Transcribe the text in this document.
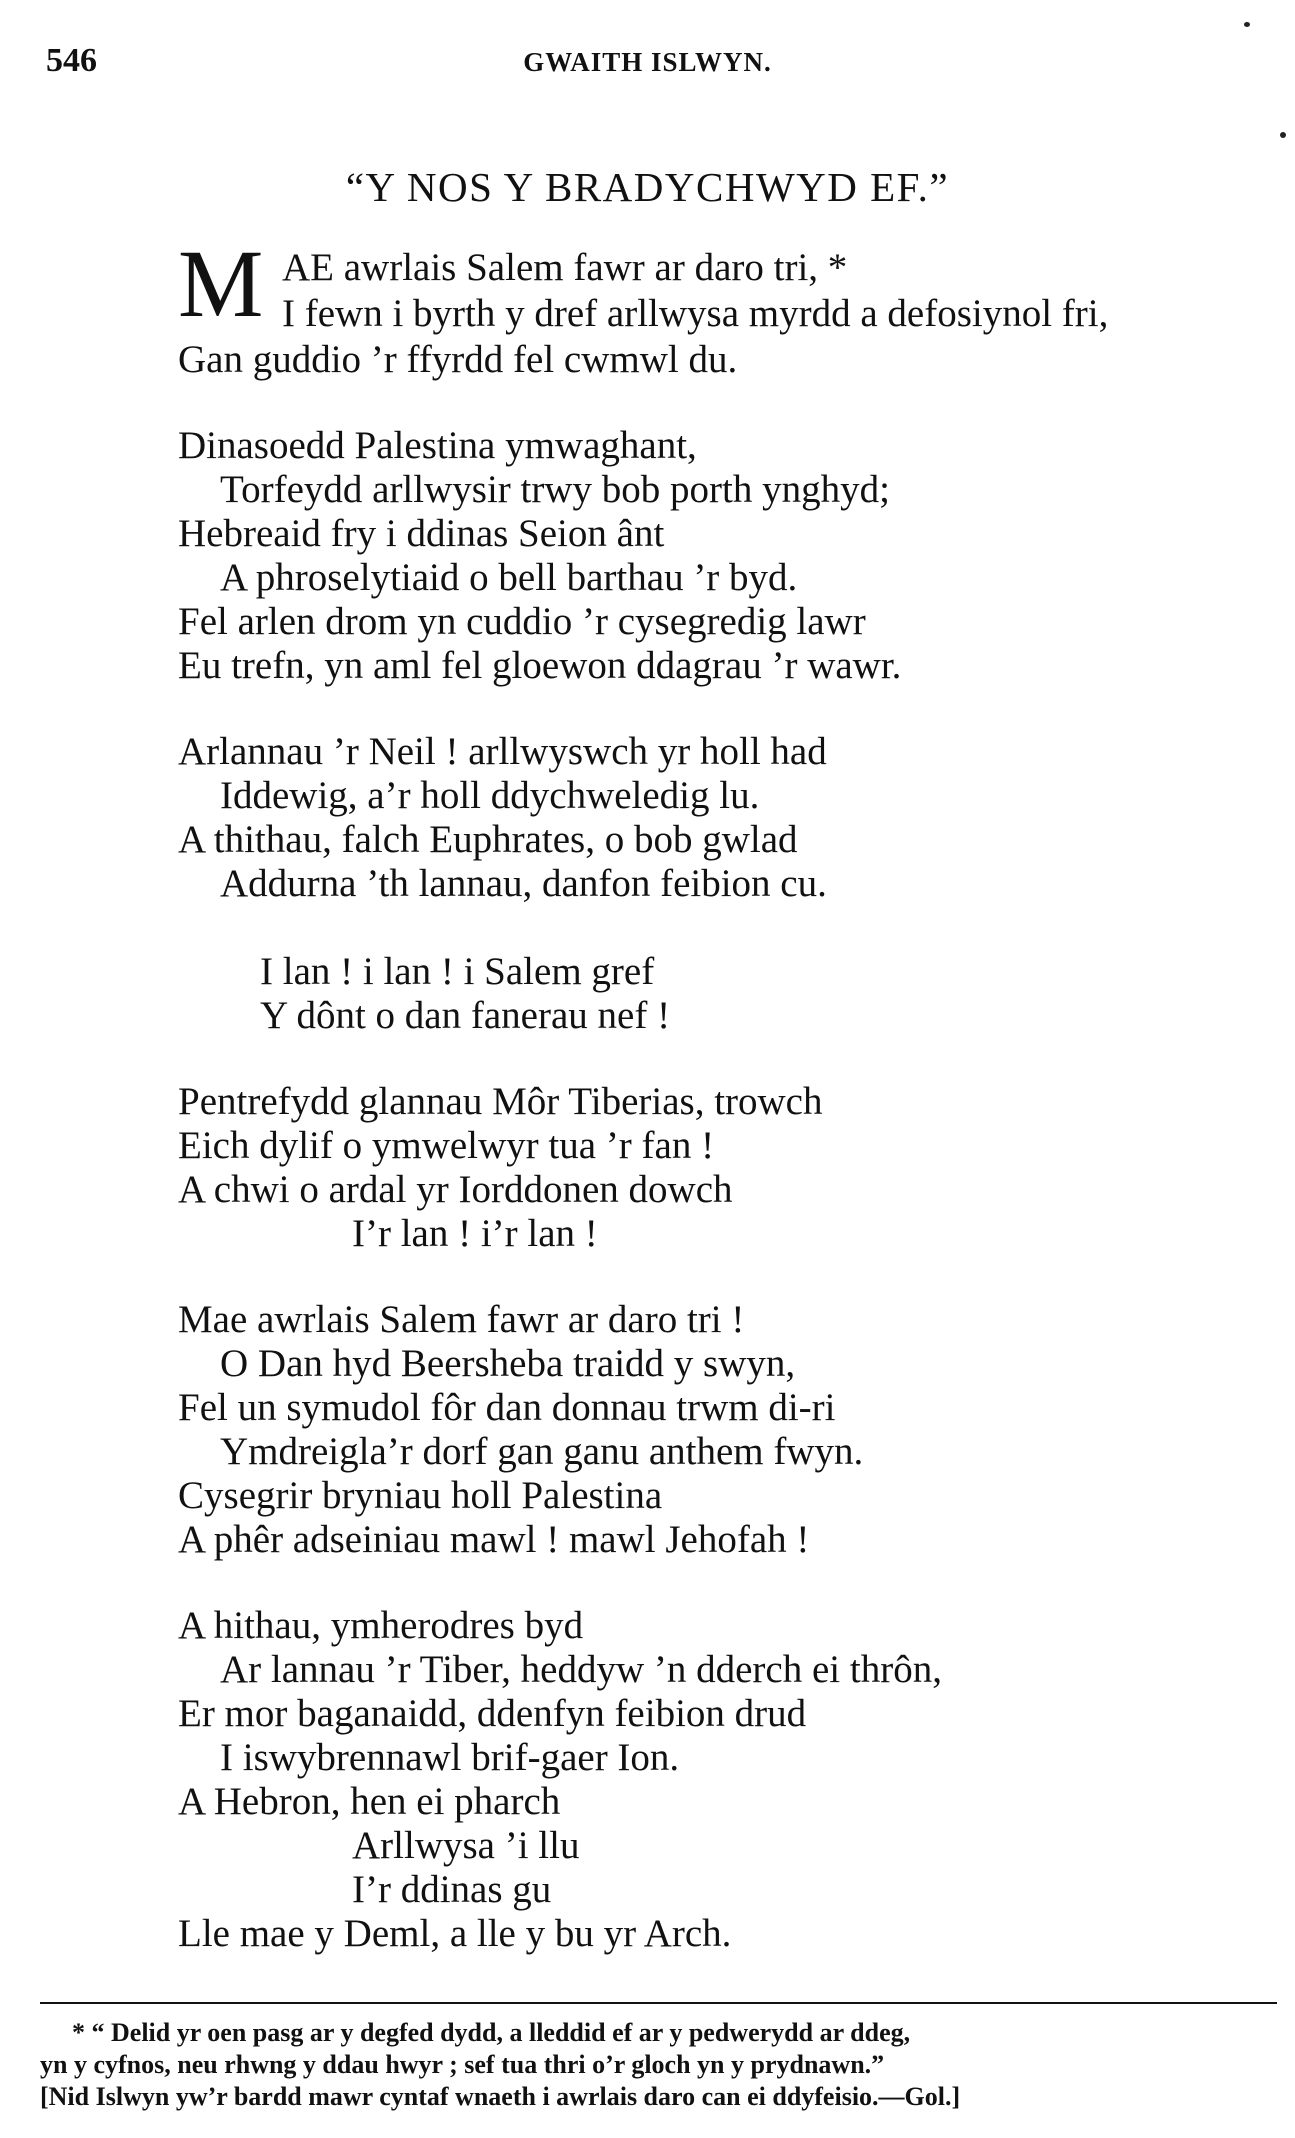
546	GWAITH ISLWYN.
“Y NOS Y BRADYCHWYD EF.”
M AE awrlais Salem fawr ar daro tri, *
I fewn i byrth y dref arllwysa myrdd a defosiynol fri,
Gan guddio ’r ffyrdd fel cwmwl du.
Dinasoedd Palestina ymwaghant,
Torfeydd arllwysir trwy bob porth ynghyd;
Hebreaid fry i ddinas Seion ânt
A phroselytiaid o bell barthau ’r byd.
Fel arlen drom yn cuddio ’r cysegredig lawr
Eu trefn, yn aml fel gloewon ddagrau ’r wawr.
Arlannau ’r Neil ! arllwyswch yr holl had
Iddewig, a’r holl ddychweledig lu.
A thithau, falch Euphrates, o bob gwlad
Addurna ’th lannau, danfon feibion cu.
I lan ! i lan ! i Salem gref
Y dônt o dan fanerau nef !
Pentrefydd glannau Môr Tiberias, trowch
Eich dylif o ymwelwyr tua ’r fan !
A chwi o ardal yr Iorddonen dowch
I’r lan ! i’r lan !
Mae awrlais Salem fawr ar daro tri !
O Dan hyd Beersheba traidd y swyn,
Fel un symudol fôr dan donnau trwm di-ri
Ymdreigla’r dorf gan ganu anthem fwyn.
Cysegrir bryniau holl Palestina
A phêr adseiniau mawl ! mawl Jehofah !
A hithau, ymherodres byd
Ar lannau ’r Tiber, heddyw ’n dderch ei thrôn,
Er mor baganaidd, ddenfyn feibion drud
I iswybrennawl brif-gaer Ion.
A Hebron, hen ei pharch
Arllwysa ’i llu
I’r ddinas gu
Lle mae y Deml, a lle y bu yr Arch.
* “ Delid yr oen pasg ar y degfed dydd, a lleddid ef ar y pedwerydd ar ddeg,
yn y cyfnos, neu rhwng y ddau hwyr ; sef tua thri o’r gloch yn y prydnawn.”
[Nid Islwyn yw’r bardd mawr cyntaf wnaeth i awrlais daro can ei ddyfeisio.—Gol.]
